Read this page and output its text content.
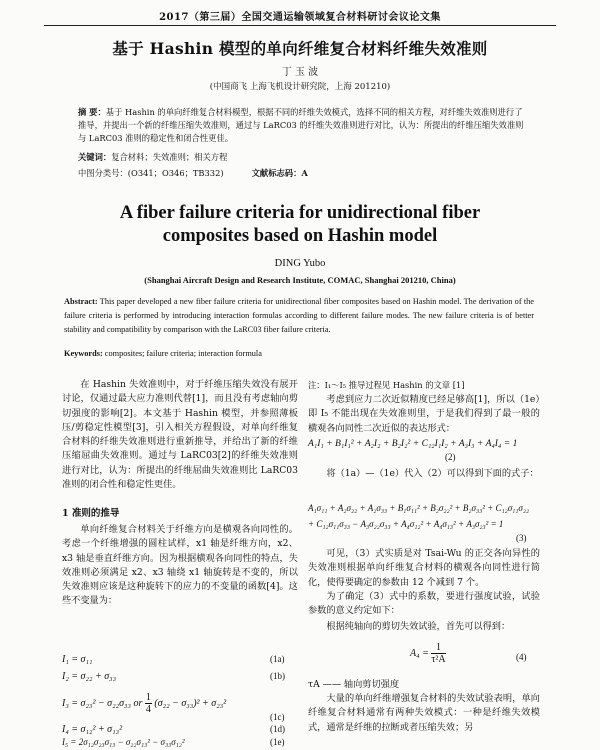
2017（第三届）全国交通运输领域复合材料研讨会议论文集
基于 Hashin 模型的单向纤维复合材料纤维失效准则
丁 玉 波
(中国商飞 上海飞机设计研究院，上海 201210)
摘 要：基于 Hashin 的单向纤维复合材料模型，根据不同的纤维失效模式，选择不同的相关方程，对纤维失效准则进行了推导，并提出一个新的纤维压缩失效准则，通过与 LaRC03 的纤维失效准则进行对比，认为：所提出的纤维压缩失效准则与 LaRC03 准则的稳定性和闭合性更佳。
关键词：复合材料；失效准则；相关方程
中图分类号：(O341；O346；TB332)	文献标志码：A
A fiber failure criteria for unidirectional fiber
composites based on Hashin model
DING Yubo
(Shanghai Aircraft Design and Research Institute, COMAC, Shanghai 201210, China)
Abstract: This paper developed a new fiber failure criteria for unidirectional fiber composites based on Hashin model. The derivation of the failure criteria is performed by introducing interaction formulas according to different failure modes. The new failure criteria is of better stability and compatibility by comparison with the LaRC03 fiber failure criteria.
Keywords: composites; failure criteria; interaction formula

在 Hashin 失效准则中，对于纤维压缩失效没有展开讨论，仅通过最大应力准则代替[1]，而且没有考虑轴向剪切强度的影响[2]。本文基于 Hashin 模型，并参照薄板压/剪稳定性模型[3]，引入相关方程假设，对单向纤维复合材料的纤维失效准则进行重新推导，并给出了新的纤维压缩屈曲失效准则。通过与 LaRC03[2]的纤维失效准则进行对比，认为：所提出的纤维屈曲失效准则比 LaRC03 准则的闭合性和稳定性更佳。

1 准则的推导

单向纤维复合材料关于纤维方向是横观各向同性的。考虑一个纤维增强的圆柱试样，x1 轴是纤维方向，x2、x3 轴是垂直纤维方向。因为根据横观各向同性的特点，失效准则必须满足 x2、x3 轴绕 x1 轴旋转是不变的，所以失效准则应该是这种旋转下的应力的不变量的函数[4]。这些不变量为：

I₁ = σ₁₁	(1a)
I₂ = σ₂₂ + σ₃₃	(1b)
I₃ = σ₂₃² − σ₂₂σ₃₃ or $\frac{1}{4} (\sigma_{22} - \sigma_{33})^2 + \sigma_{23}^2$
(1c)
I₄ = σ₁₂² + σ₁₃²	(1d)
I₅ = 2σ₁₂σ₂₃σ₁₃ − σ₂₂σ₁₃² − σ₃₃σ₁₂²	(1e)
注：I₁～I₅ 推导过程见 Hashin 的文章 [1]

考虑到应力二次近似精度已经足够高[1]，所以（1e）即 I₅ 不能出现在失效准则里，于是我们得到了最一般的横观各向同性二次近似的表达形式：

A₁I₁ + B₁I₁² + A₂I₂ + B₂I₂² + C₁₂I₁I₂ + A₃I₃ + A₄I₄ = 1
(2)

将（1a）—（1e）代入（2）可以得到下面的式子：

A₁σ₁₁ + A₂σ₂₂ + A₂σ₃₃ + B₁σ₁₁² + B₂σ₂₂² + B₂σ₃₃² + C₁₂σ₁₁σ₂₂
+ C₁₂σ₁₁σ₃₃ − A₃σ₂₂σ₃₃ + A₄σ₁₂² + A₄σ₁₃² + A₃σ₂₃² = 1
(3)

可见，（3）式实质是对 Tsai-Wu 的正交各向异性的失效准则根据单向纤维复合材料的横观各向同性进行简化，使得要确定的参数由 12 个减到 7 个。

为了确定（3）式中的系数，要进行强度试验，试验参数的意义约定如下：

根据纯轴向的剪切失效试验，首先可以得到：

$A_4 = \frac{1}{\text{τ²A}}$	(4)
τA —— 轴向剪切强度

大量的单向纤维增强复合材料的失效试验表明，单向纤维复合材料通常有两种失效模式：一种是纤维失效模式，通常是纤维的拉断或者压缩失效；另
